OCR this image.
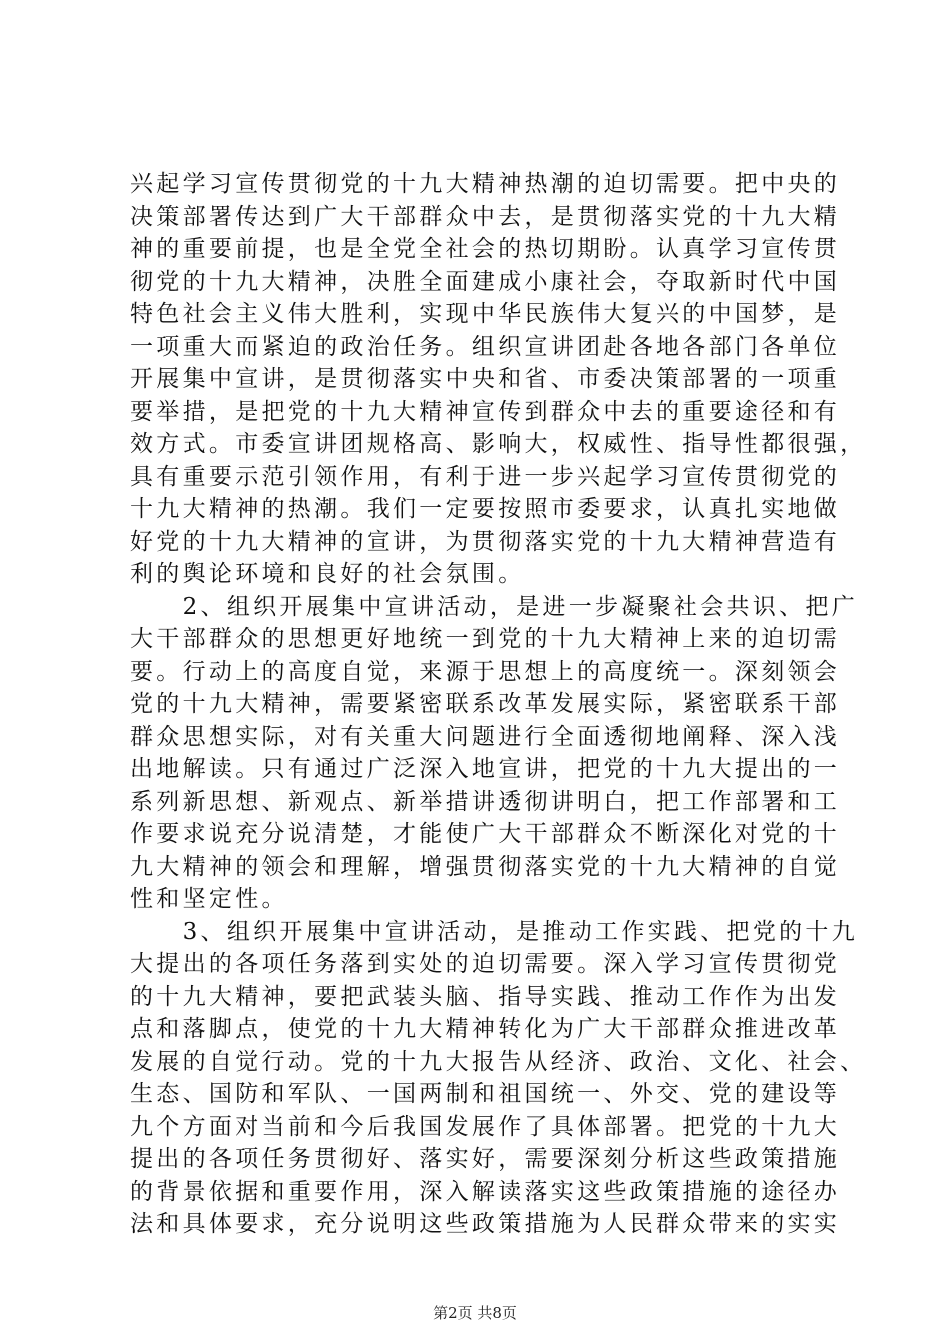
兴起学习宣传贯彻党的十九大精神热潮的迫切需要。把中央的
决策部署传达到广大干部群众中去，是贯彻落实党的十九大精
神的重要前提，也是全党全社会的热切期盼。认真学习宣传贯
彻党的十九大精神，决胜全面建成小康社会，夺取新时代中国
特色社会主义伟大胜利，实现中华民族伟大复兴的中国梦，是
一项重大而紧迫的政治任务。组织宣讲团赴各地各部门各单位
开展集中宣讲，是贯彻落实中央和省、市委决策部署的一项重
要举措，是把党的十九大精神宣传到群众中去的重要途径和有
效方式。市委宣讲团规格高、影响大，权威性、指导性都很强，
具有重要示范引领作用，有利于进一步兴起学习宣传贯彻党的
十九大精神的热潮。我们一定要按照市委要求，认真扎实地做
好党的十九大精神的宣讲，为贯彻落实党的十九大精神营造有
利的舆论环境和良好的社会氛围。
　　2、组织开展集中宣讲活动，是进一步凝聚社会共识、把广
大干部群众的思想更好地统一到党的十九大精神上来的迫切需
要。行动上的高度自觉，来源于思想上的高度统一。深刻领会
党的十九大精神，需要紧密联系改革发展实际，紧密联系干部
群众思想实际，对有关重大问题进行全面透彻地阐释、深入浅
出地解读。只有通过广泛深入地宣讲，把党的十九大提出的一
系列新思想、新观点、新举措讲透彻讲明白，把工作部署和工
作要求说充分说清楚，才能使广大干部群众不断深化对党的十
九大精神的领会和理解，增强贯彻落实党的十九大精神的自觉
性和坚定性。
　　3、组织开展集中宣讲活动，是推动工作实践、把党的十九
大提出的各项任务落到实处的迫切需要。深入学习宣传贯彻党
的十九大精神，要把武装头脑、指导实践、推动工作作为出发
点和落脚点，使党的十九大精神转化为广大干部群众推进改革
发展的自觉行动。党的十九大报告从经济、政治、文化、社会、
生态、国防和军队、一国两制和祖国统一、外交、党的建设等
九个方面对当前和今后我国发展作了具体部署。把党的十九大
提出的各项任务贯彻好、落实好，需要深刻分析这些政策措施
的背景依据和重要作用，深入解读落实这些政策措施的途径办
法和具体要求，充分说明这些政策措施为人民群众带来的实实
第2页 共8页
